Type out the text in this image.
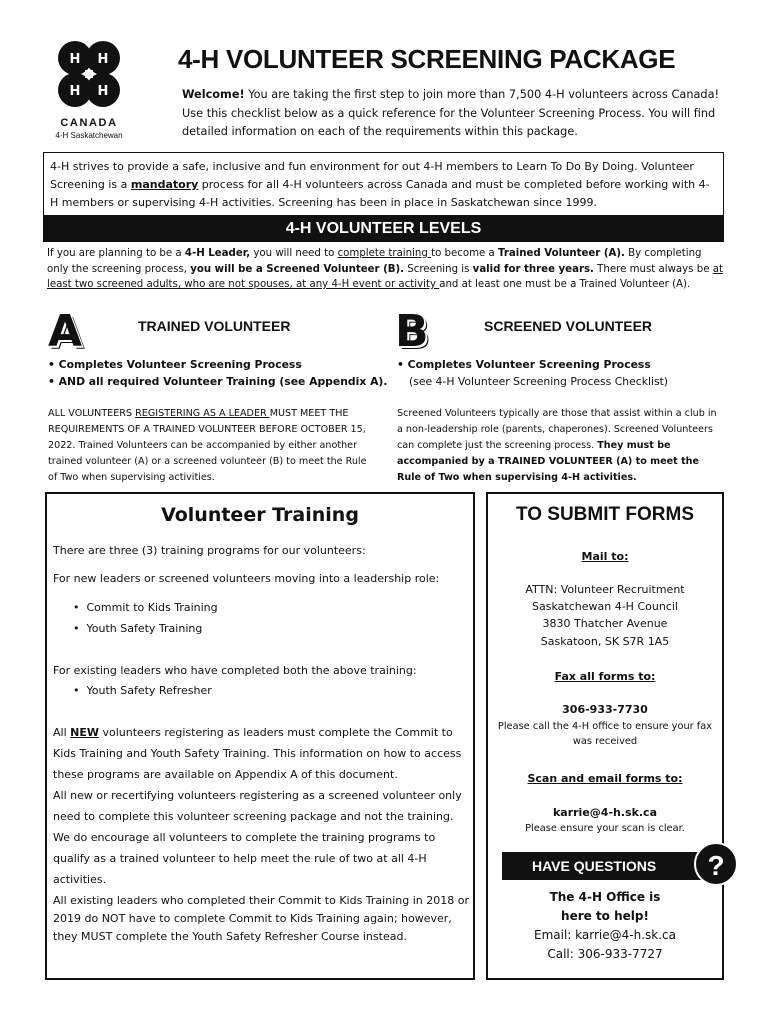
H H
H H
CANADA
4-H Saskatchewan
4-H VOLUNTEER SCREENING PACKAGE
Welcome! You are taking the first step to join more than 7,500 4-H volunteers across Canada! Use this checklist below as a quick reference for the Volunteer Screening Process. You will find detailed information on each of the requirements within this package.
4-H strives to provide a safe, inclusive and fun environment for out 4-H members to Learn To Do By Doing. Volunteer Screening is a mandatory process for all 4-H volunteers across Canada and must be completed before working with 4-H members or supervising 4-H activities. Screening has been in place in Saskatchewan since 1999.
4-H VOLUNTEER LEVELS
If you are planning to be a 4-H Leader, you will need to complete training to become a Trained Volunteer (A). By completing only the screening process, you will be a Screened Volunteer (B). Screening is valid for three years. There must always be at least two screened adults, who are not spouses, at any 4-H event or activity and at least one must be a Trained Volunteer (A).
A	TRAINED VOLUNTEER
• Completes Volunteer Screening Process
• AND all required Volunteer Training (see Appendix A).
ALL VOLUNTEERS REGISTERING AS A LEADER MUST MEET THE REQUIREMENTS OF A TRAINED VOLUNTEER BEFORE OCTOBER 15, 2022. Trained Volunteers can be accompanied by either another trained volunteer (A) or a screened volunteer (B) to meet the Rule of Two when supervising activities.
B	SCREENED VOLUNTEER
• Completes Volunteer Screening Process
(see 4-H Volunteer Screening Process Checklist)
Screened Volunteers typically are those that assist within a club in a non-leadership role (parents, chaperones). Screened Volunteers can complete just the screening process. They must be accompanied by a TRAINED VOLUNTEER (A) to meet the Rule of Two when supervising 4-H activities.
Volunteer Training
There are three (3) training programs for our volunteers:
For new leaders or screened volunteers moving into a leadership role:
• Commit to Kids Training
• Youth Safety Training
For existing leaders who have completed both the above training:
• Youth Safety Refresher
All NEW volunteers registering as leaders must complete the Commit to Kids Training and Youth Safety Training. This information on how to access these programs are available on Appendix A of this document.
All new or recertifying volunteers registering as a screened volunteer only need to complete this volunteer screening package and not the training. We do encourage all volunteers to complete the training programs to qualify as a trained volunteer to help meet the rule of two at all 4-H activities.
All existing leaders who completed their Commit to Kids Training in 2018 or 2019 do NOT have to complete Commit to Kids Training again; however, they MUST complete the Youth Safety Refresher Course instead.
TO SUBMIT FORMS
Mail to:
ATTN: Volunteer Recruitment
Saskatchewan 4-H Council
3830 Thatcher Avenue
Saskatoon, SK S7R 1A5
Fax all forms to:
306-933-7730
Please call the 4-H office to ensure your fax was received
Scan and email forms to:
karrie@4-h.sk.ca
Please ensure your scan is clear.
HAVE QUESTIONS	?
The 4-H Office is
here to help!
Email: karrie@4-h.sk.ca
Call: 306-933-7727
